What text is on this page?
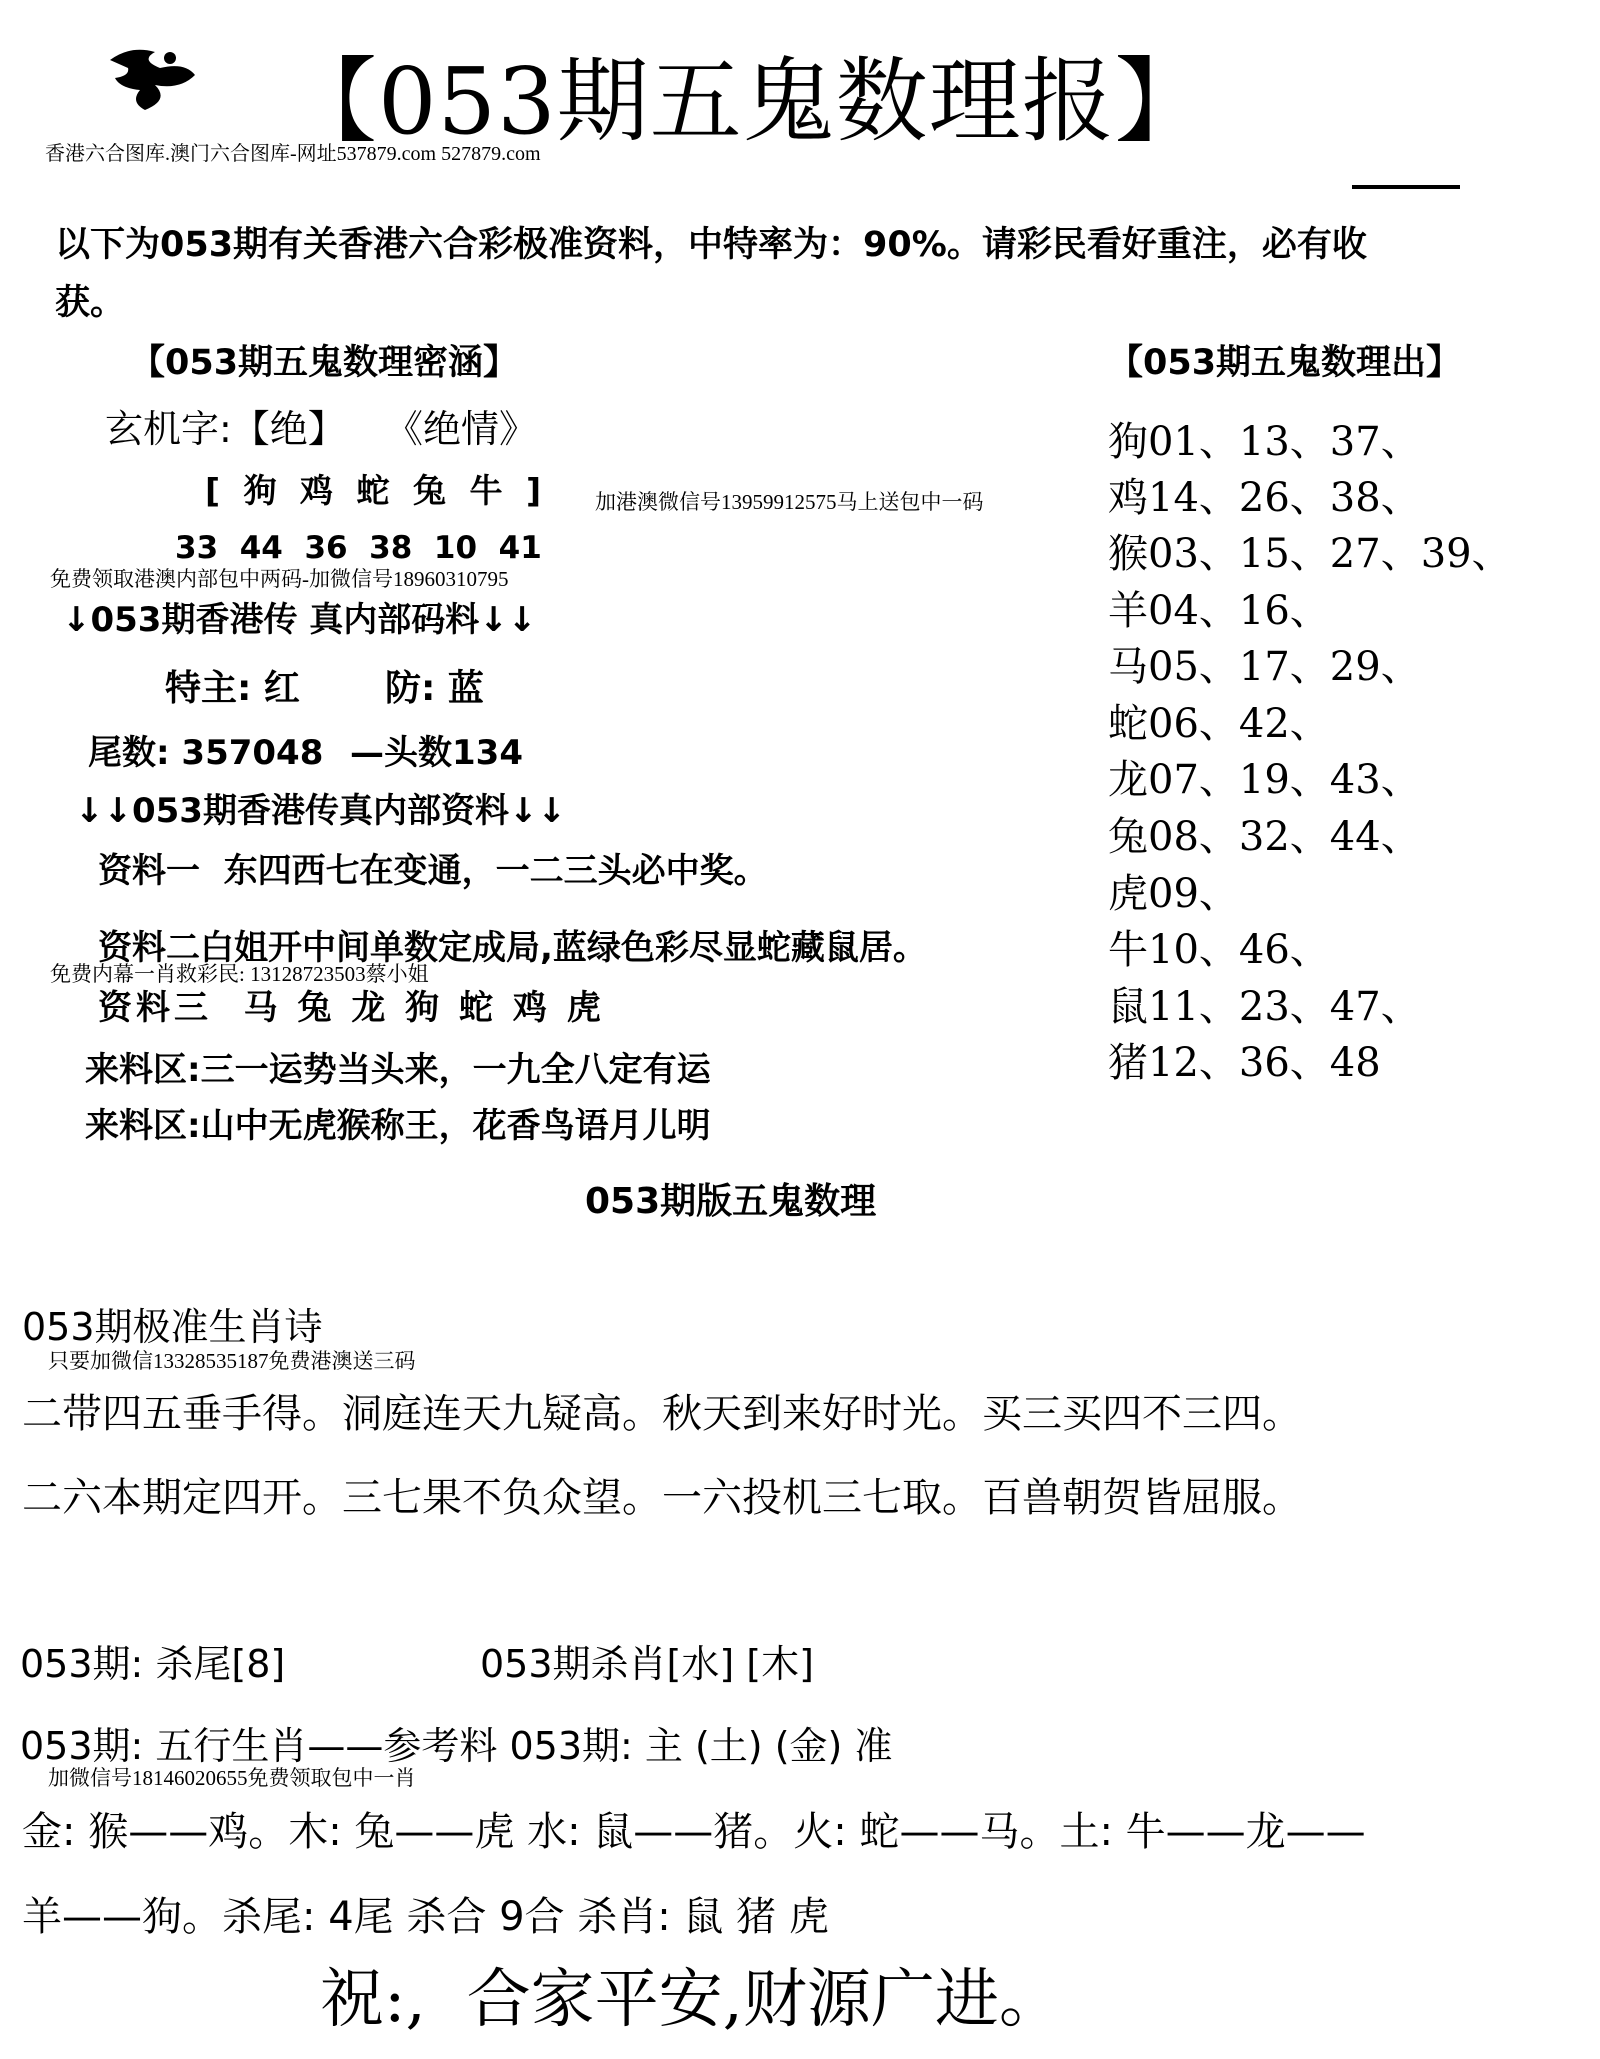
【053期五鬼数理报】
香港六合图库.澳门六合图库-网址537879.com 527879.com
以下为053期有关香港六合彩极准资料，中特率为：90%。请彩民看好重注，必有收
获。
【053期五鬼数理密涵】
玄机字:【绝】 《绝情》
[ 狗 鸡 蛇 兔 牛 ] 加港澳微信号13959912575马上送包中一码
33  44  36  38  10  41
免费领取港澳内部包中两码-加微信号18960310795
↓053期香港传 真内部码料↓↓
特主: 红 防: 蓝
尾数: 357048 —头数134
↓↓053期香港传真内部资料↓↓
资料一  东四西七在变通，一二三头必中奖。
资料二白姐开中间单数定成局,蓝绿色彩尽显蛇藏鼠居。
免费内幕一肖救彩民: 13128723503蔡小姐
资料三  马 兔 龙 狗 蛇 鸡 虎
来料区:三一运势当头来，一九全八定有运
来料区:山中无虎猴称王，花香鸟语月儿明
【053期五鬼数理出】
狗01、13、37、
鸡14、26、38、
猴03、15、27、39、
羊04、16、
马05、17、29、
蛇06、42、
龙07、19、43、
兔08、32、44、
虎09、
牛10、46、
鼠11、23、47、
猪12、36、48
053期版五鬼数理
053期极准生肖诗
只要加微信13328535187免费港澳送三码
二带四五垂手得。洞庭连天九疑高。秋天到来好时光。买三买四不三四。
二六本期定四开。三七果不负众望。一六投机三七取。百兽朝贺皆屈服。
053期: 杀尾[8]	053期杀肖[水] [木]
053期: 五行生肖——参考料 053期: 主 (土) (金) 准
加微信号18146020655免费领取包中一肖
金: 猴——鸡。木: 兔——虎 水: 鼠——猪。火: 蛇——马。土: 牛——龙——
羊——狗。杀尾: 4尾 杀合 9合 杀肖: 鼠 猪 虎
祝:,  合家平安,财源广进。
